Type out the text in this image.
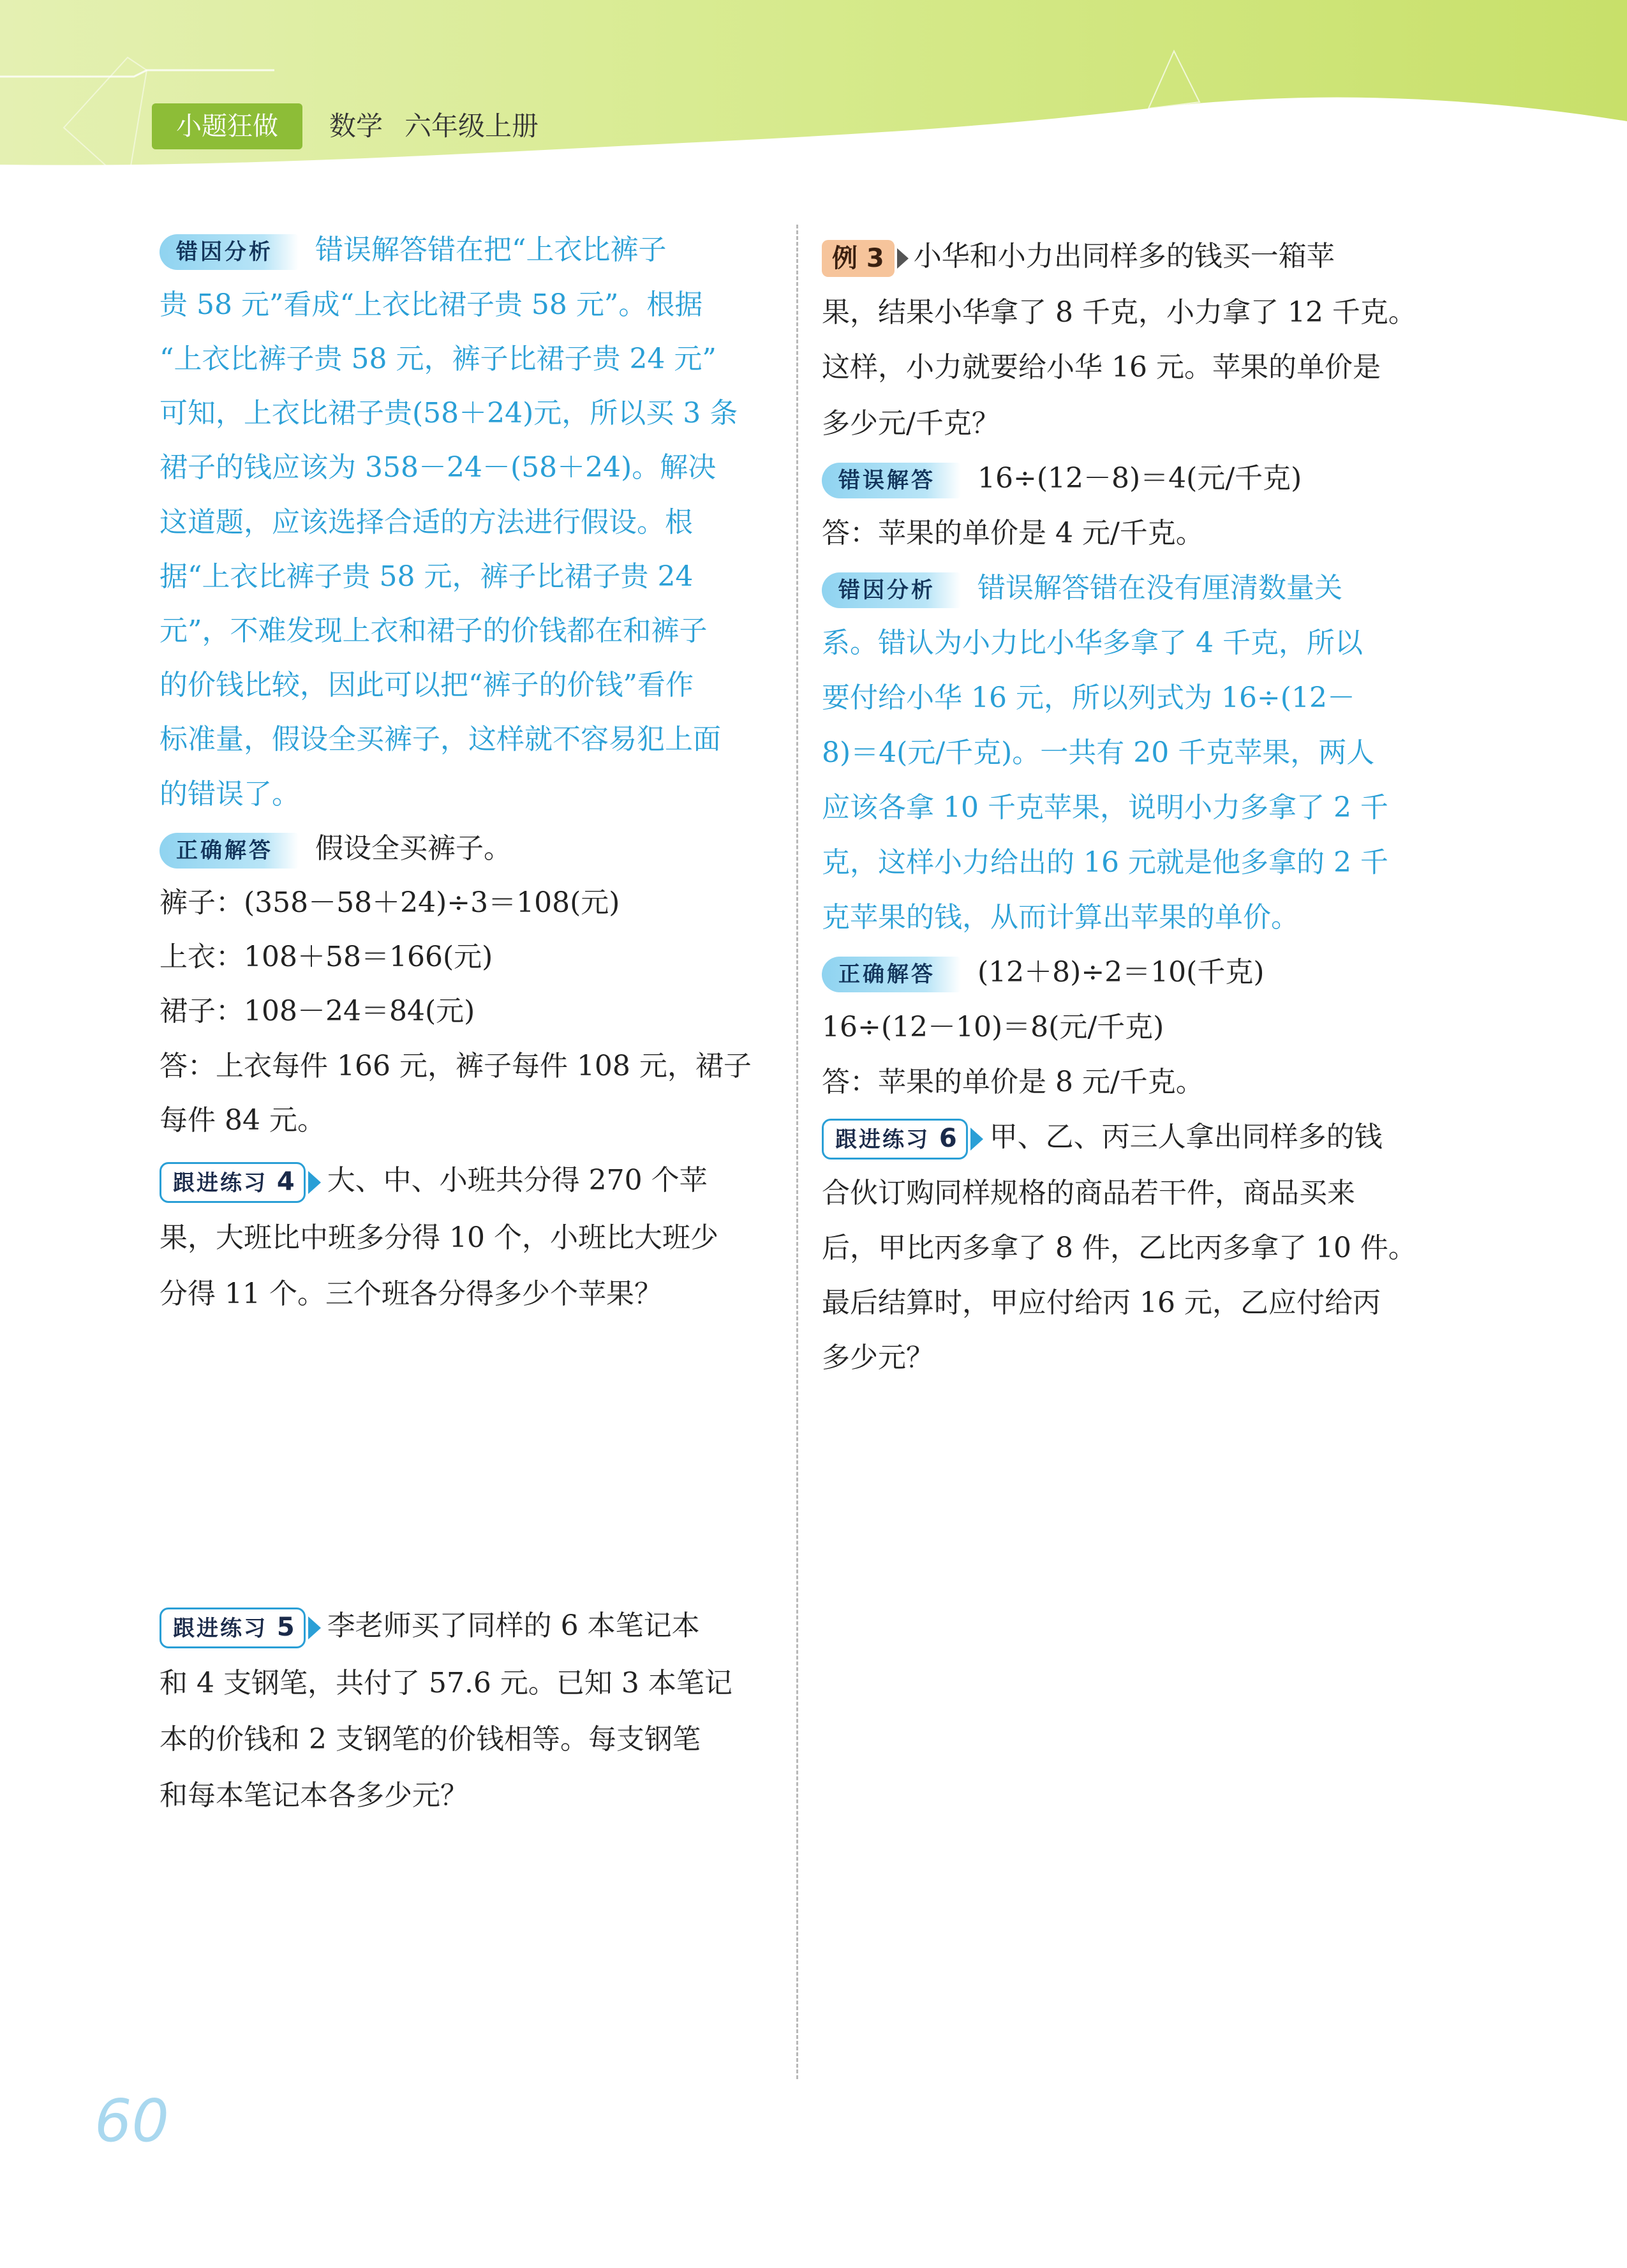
小题狂做	数学 六年级上册
错因分析 错误解答错在把“上衣比裤子
贵 58 元”看成“上衣比裙子贵 58 元”。根据
“上衣比裤子贵 58 元，裤子比裙子贵 24 元”
可知，上衣比裙子贵(58＋24)元，所以买 3 条
裙子的钱应该为 358－24－(58＋24)。解决
这道题，应该选择合适的方法进行假设。根
据“上衣比裤子贵 58 元，裤子比裙子贵 24
元”，不难发现上衣和裙子的价钱都在和裤子
的价钱比较，因此可以把“裤子的价钱”看作
标准量，假设全买裤子，这样就不容易犯上面
的错误了。
正确解答 假设全买裤子。
裤子：(358－58＋24)÷3＝108(元)
上衣：108＋58＝166(元)
裙子：108－24＝84(元)
答：上衣每件 166 元，裤子每件 108 元，裙子
每件 84 元。
跟进练习 4 大、中、小班共分得 270 个苹
果，大班比中班多分得 10 个，小班比大班少
分得 11 个。三个班各分得多少个苹果？
跟进练习 5 李老师买了同样的 6 本笔记本
和 4 支钢笔，共付了 57.6 元。已知 3 本笔记
本的价钱和 2 支钢笔的价钱相等。每支钢笔
和每本笔记本各多少元？
例 3 小华和小力出同样多的钱买一箱苹
果，结果小华拿了 8 千克，小力拿了 12 千克。
这样，小力就要给小华 16 元。苹果的单价是
多少元/千克？
错误解答 16÷(12－8)＝4(元/千克)
答：苹果的单价是 4 元/千克。
错因分析 错误解答错在没有厘清数量关
系。错认为小力比小华多拿了 4 千克，所以
要付给小华 16 元，所以列式为 16÷(12－
8)＝4(元/千克)。一共有 20 千克苹果，两人
应该各拿 10 千克苹果，说明小力多拿了 2 千
克，这样小力给出的 16 元就是他多拿的 2 千
克苹果的钱，从而计算出苹果的单价。
正确解答 (12＋8)÷2＝10(千克)
16÷(12－10)＝8(元/千克)
答：苹果的单价是 8 元/千克。
跟进练习 6 甲、乙、丙三人拿出同样多的钱
合伙订购同样规格的商品若干件，商品买来
后，甲比丙多拿了 8 件，乙比丙多拿了 10 件。
最后结算时，甲应付给丙 16 元，乙应付给丙
多少元？
60
